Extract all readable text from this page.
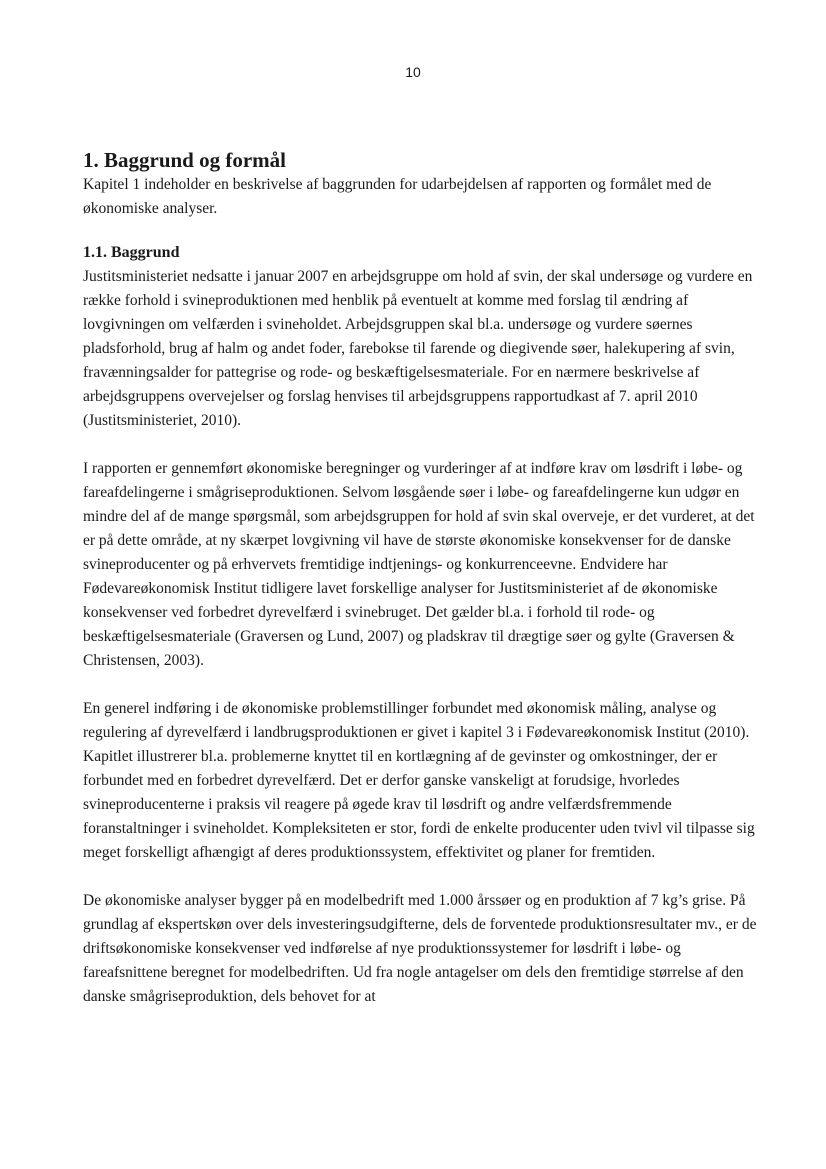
10
1. Baggrund og formål

Kapitel 1 indeholder en beskrivelse af baggrunden for udarbejdelsen af rapporten og formålet med de økonomiske analyser.

1.1. Baggrund

Justitsministeriet nedsatte i januar 2007 en arbejdsgruppe om hold af svin, der skal undersøge og vurdere en række forhold i svineproduktionen med henblik på eventuelt at komme med forslag til ændring af lovgivningen om velfærden i svineholdet. Arbejdsgruppen skal bl.a. undersøge og vurdere søernes pladsforhold, brug af halm og andet foder, farebokse til farende og diegivende søer, halekupering af svin, fravænningsalder for pattegrise og rode- og beskæftigelsesmateriale. For en nærmere beskrivelse af arbejdsgruppens overvejelser og forslag henvises til arbejdsgruppens rapportudkast af 7. april 2010 (Justitsministeriet, 2010).

I rapporten er gennemført økonomiske beregninger og vurderinger af at indføre krav om løsdrift i løbe- og fareafdelingerne i smågriseproduktionen. Selvom løsgående søer i løbe- og fareafdelingerne kun udgør en mindre del af de mange spørgsmål, som arbejdsgruppen for hold af svin skal overveje, er det vurderet, at det er på dette område, at ny skærpet lovgivning vil have de største økonomiske konsekvenser for de danske svineproducenter og på erhvervets fremtidige indtjenings- og konkurrenceevne. Endvidere har Fødevareøkonomisk Institut tidligere lavet forskellige analyser for Justitsministeriet af de økonomiske konsekvenser ved forbedret dyrevelfærd i svinebruget. Det gælder bl.a. i forhold til rode- og beskæftigelsesmateriale (Graversen og Lund, 2007) og pladskrav til drægtige søer og gylte (Graversen & Christensen, 2003).

En generel indføring i de økonomiske problemstillinger forbundet med økonomisk måling, analyse og regulering af dyrevelfærd i landbrugsproduktionen er givet i kapitel 3 i Fødevareøkonomisk Institut (2010). Kapitlet illustrerer bl.a. problemerne knyttet til en kortlægning af de gevinster og omkostninger, der er forbundet med en forbedret dyrevelfærd. Det er derfor ganske vanskeligt at forudsige, hvorledes svineproducenterne i praksis vil reagere på øgede krav til løsdrift og andre velfærdsfremmende foranstaltninger i svineholdet. Kompleksiteten er stor, fordi de enkelte producenter uden tvivl vil tilpasse sig meget forskelligt afhængigt af deres produktionssystem, effektivitet og planer for fremtiden.

De økonomiske analyser bygger på en modelbedrift med 1.000 årssøer og en produktion af 7 kg’s grise. På grundlag af ekspertskøn over dels investeringsudgifterne, dels de forventede produktionsresultater mv., er de driftsøkonomiske konsekvenser ved indførelse af nye produktionssystemer for løsdrift i løbe- og fareafsnittene beregnet for modelbedriften. Ud fra nogle antagelser om dels den fremtidige størrelse af den danske smågriseproduktion, dels behovet for at
